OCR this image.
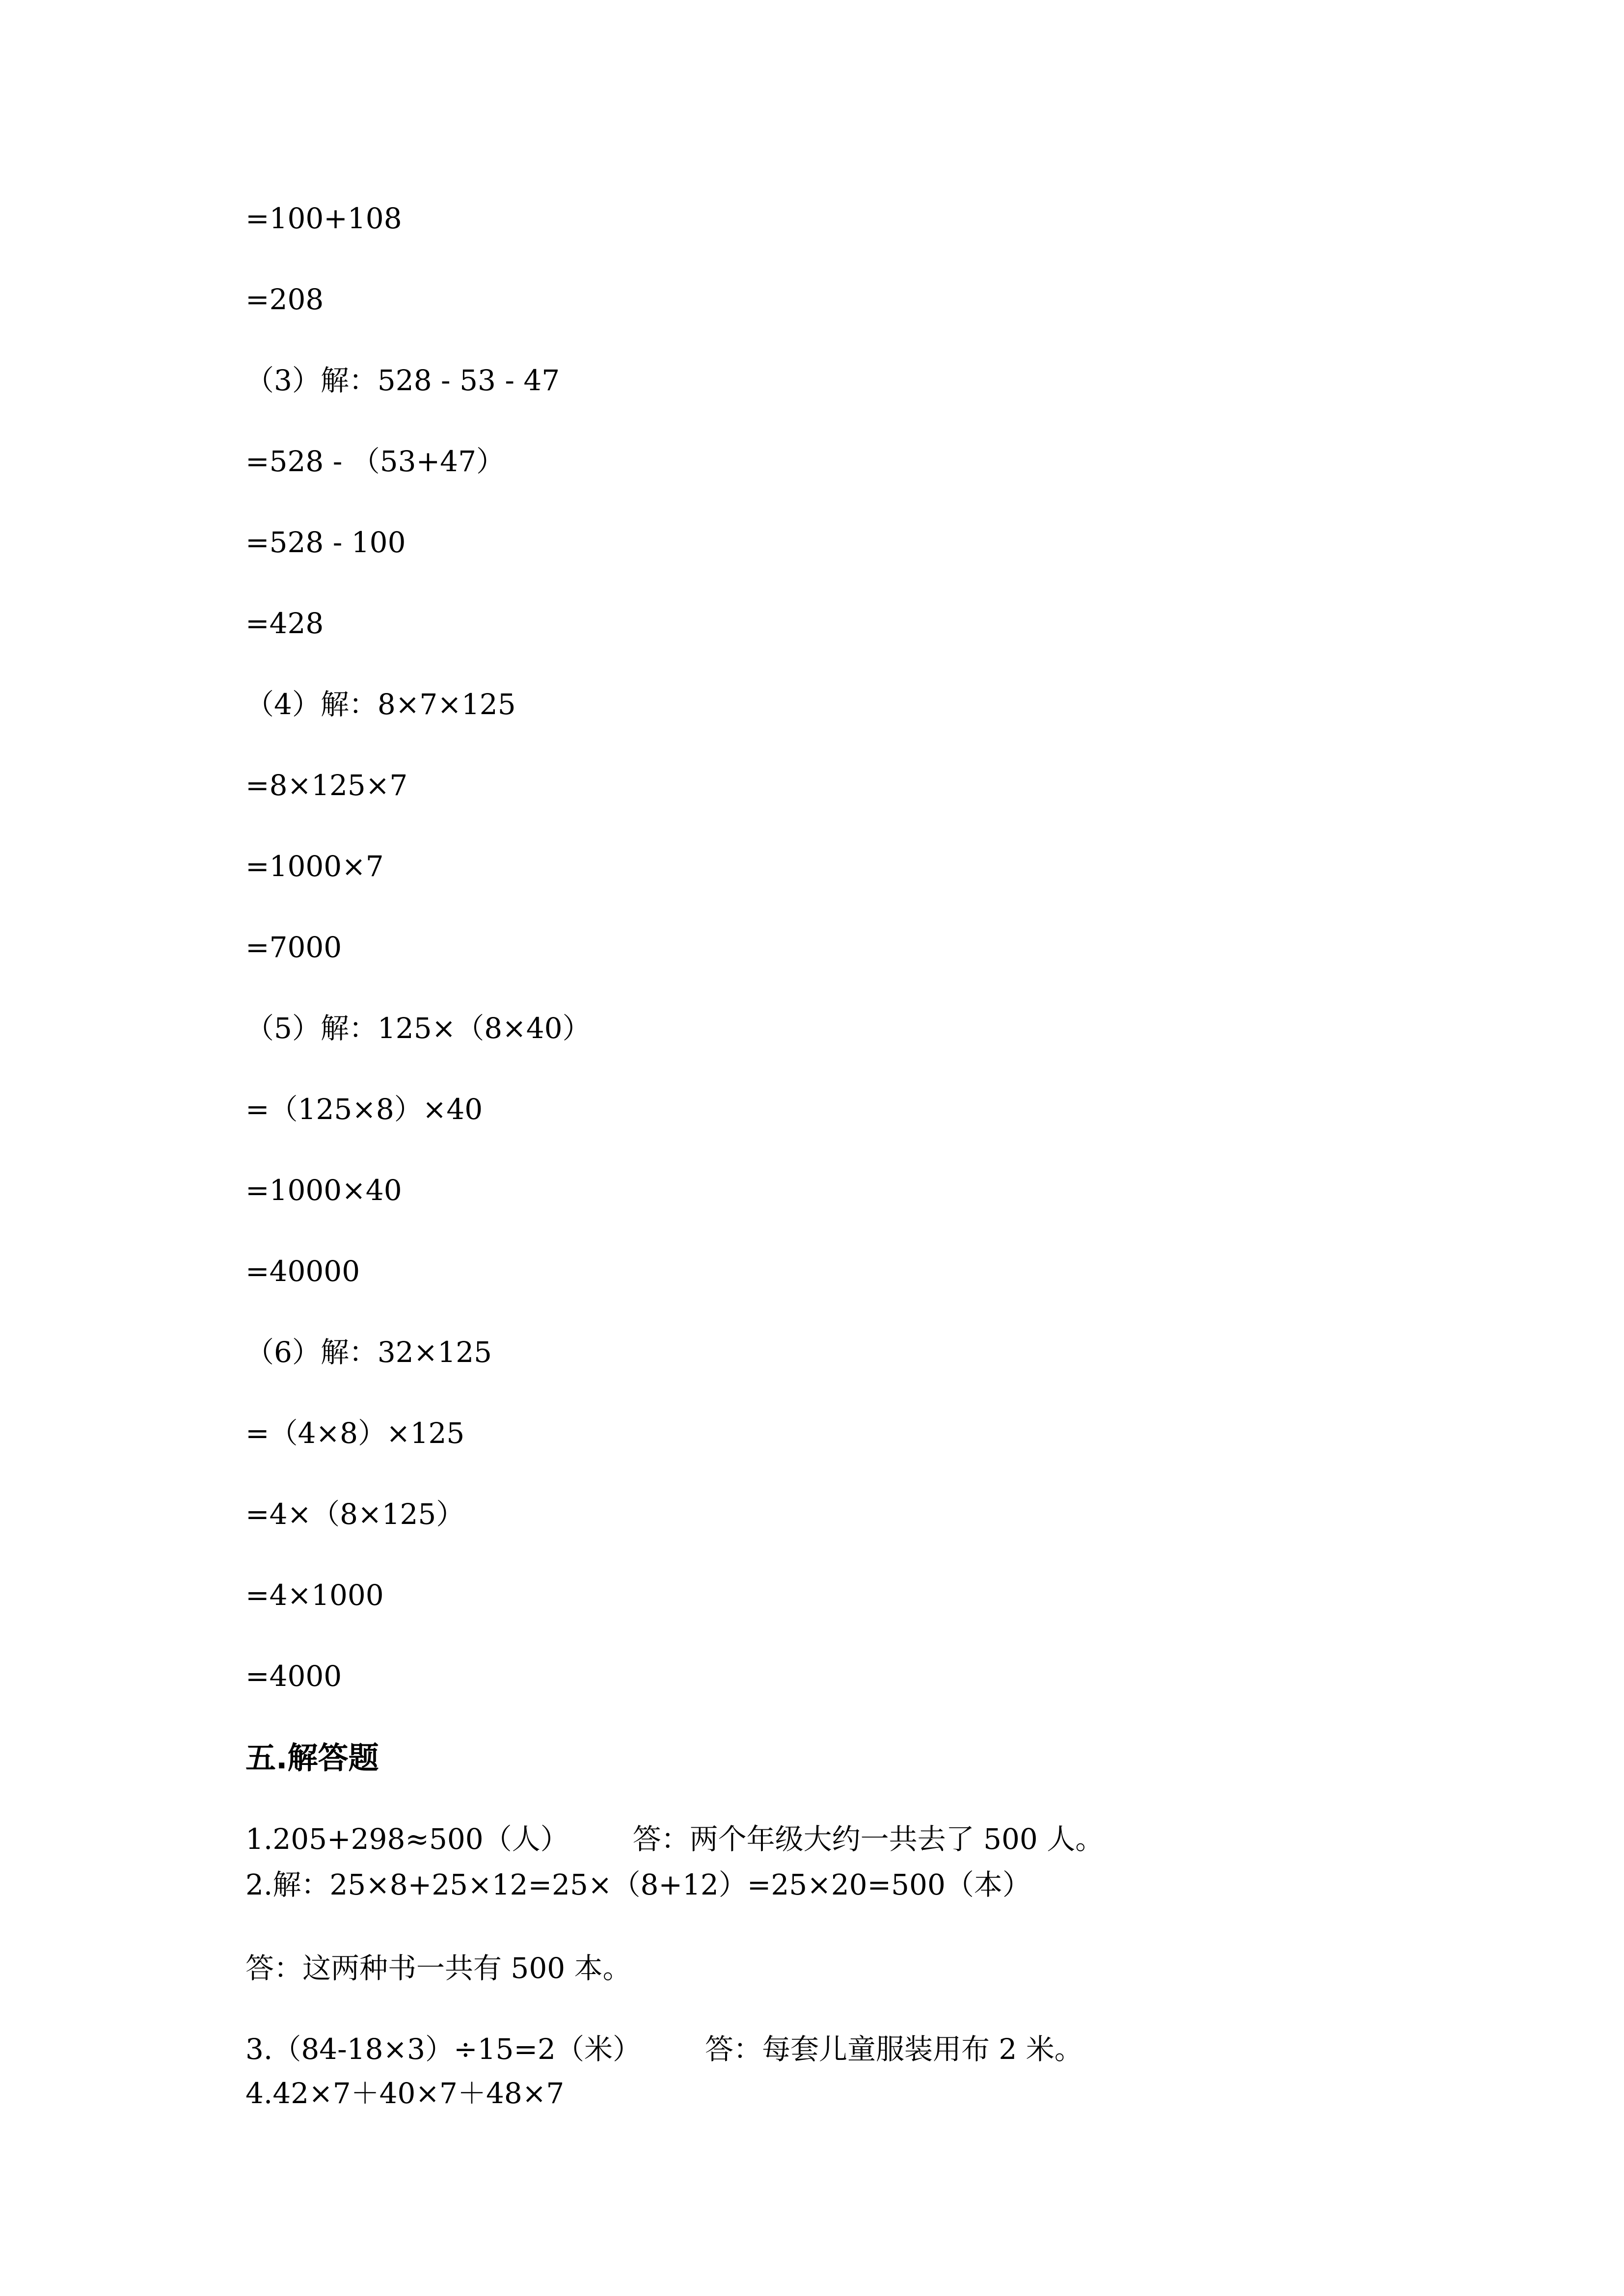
=100+108
=208
（3）解：528 - 53 - 47
=528 - （53+47）
=528 - 100
=428
（4）解：8×7×125
=8×125×7
=1000×7
=7000
（5）解：125×（8×40）
=（125×8）×40
=1000×40
=40000
（6）解：32×125
=（4×8）×125
=4×（8×125）
=4×1000
=4000
五.解答题
1.205+298≈500（人） 答：两个年级大约一共去了 500 人。
2.解：25×8+25×12=25×（8+12）=25×20=500（本）
答：这两种书一共有 500 本。
3.（84-18×3）÷15=2（米） 答：每套儿童服装用布 2 米。
4.42×7＋40×7＋48×7
